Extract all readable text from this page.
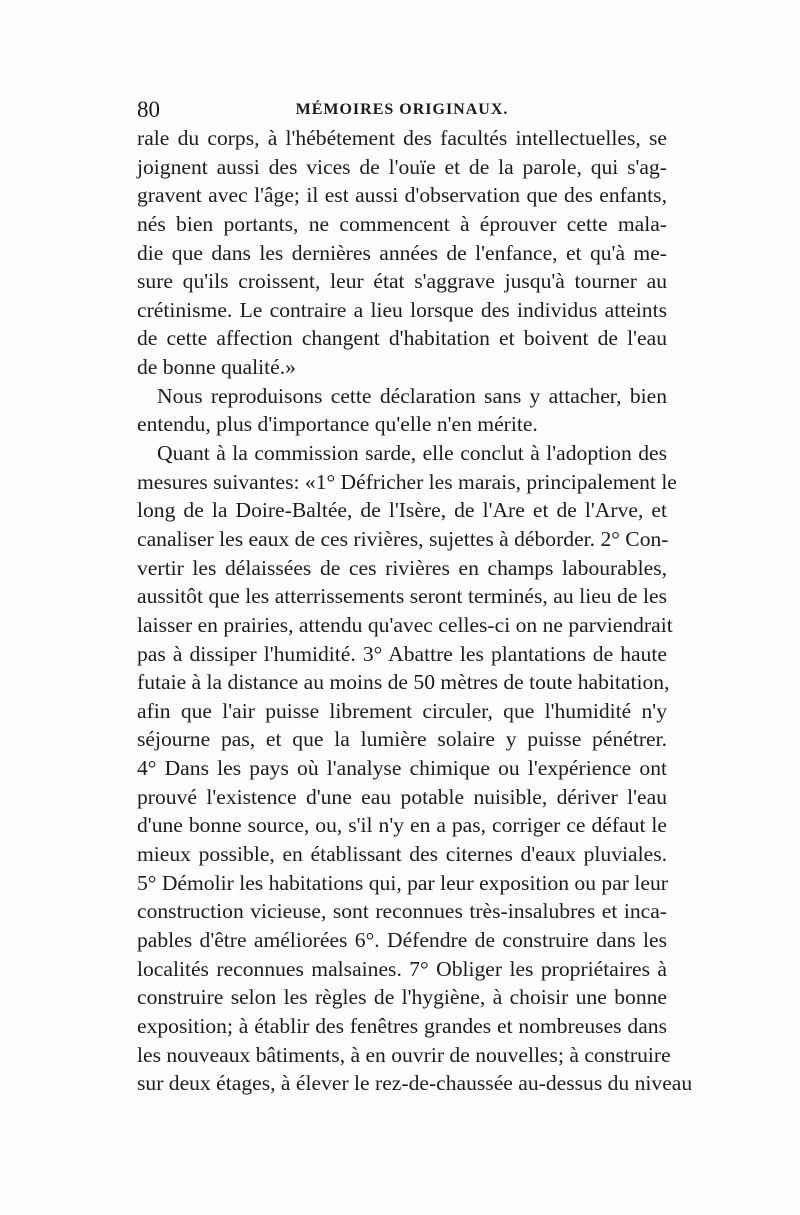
80	MÉMOIRES ORIGINAUX.
rale du corps, à l'hébétement des facultés intellectuelles, se
joignent aussi des vices de l'ouïe et de la parole, qui s'ag-
gravent avec l'âge; il est aussi d'observation que des enfants,
nés bien portants, ne commencent à éprouver cette mala-
die que dans les dernières années de l'enfance, et qu'à me-
sure qu'ils croissent, leur état s'aggrave jusqu'à tourner au
crétinisme. Le contraire a lieu lorsque des individus atteints
de cette affection changent d'habitation et boivent de l'eau
de bonne qualité.»
Nous reproduisons cette déclaration sans y attacher, bien
entendu, plus d'importance qu'elle n'en mérite.
Quant à la commission sarde, elle conclut à l'adoption des
mesures suivantes: «1° Défricher les marais, principalement le
long de la Doire-Baltée, de l'Isère, de l'Are et de l'Arve, et
canaliser les eaux de ces rivières, sujettes à déborder. 2° Con-
vertir les délaissées de ces rivières en champs labourables,
aussitôt que les atterrissements seront terminés, au lieu de les
laisser en prairies, attendu qu'avec celles-ci on ne parviendrait
pas à dissiper l'humidité. 3° Abattre les plantations de haute
futaie à la distance au moins de 50 mètres de toute habitation,
afin que l'air puisse librement circuler, que l'humidité n'y
séjourne pas, et que la lumière solaire y puisse pénétrer.
4° Dans les pays où l'analyse chimique ou l'expérience ont
prouvé l'existence d'une eau potable nuisible, dériver l'eau
d'une bonne source, ou, s'il n'y en a pas, corriger ce défaut le
mieux possible, en établissant des citernes d'eaux pluviales.
5° Démolir les habitations qui, par leur exposition ou par leur
construction vicieuse, sont reconnues très-insalubres et inca-
pables d'être améliorées 6°. Défendre de construire dans les
localités reconnues malsaines. 7° Obliger les propriétaires à
construire selon les règles de l'hygiène, à choisir une bonne
exposition; à établir des fenêtres grandes et nombreuses dans
les nouveaux bâtiments, à en ouvrir de nouvelles; à construire
sur deux étages, à élever le rez-de-chaussée au-dessus du niveau
